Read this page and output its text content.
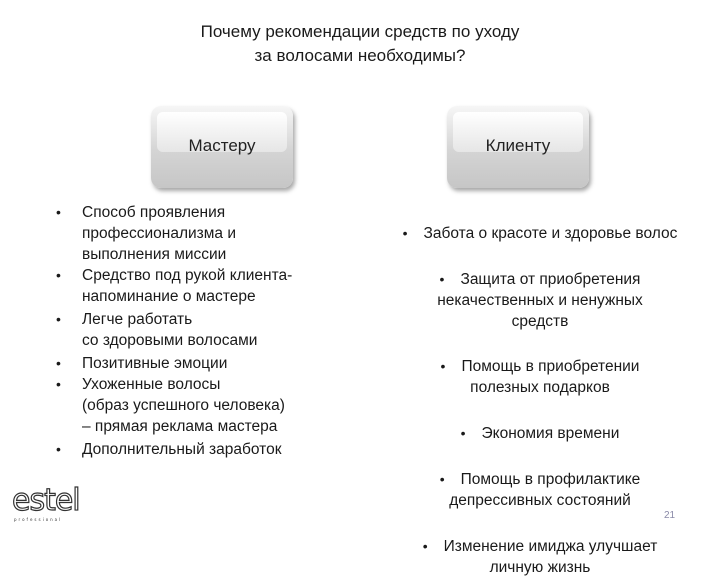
Почему рекомендации средств по уходу
за волосами необходимы?
Мастеру	Клиенту
• Способ проявления
профессионализма и
выполнения миссии
• Средство под рукой клиента-
напоминание о мастере
• Легче работать
со здоровыми волосами
• Позитивные эмоции
• Ухоженные волосы
(образ успешного человека)
– прямая реклама мастера
• Дополнительный заработок

• Забота о красоте и здоровье волос

• Защита от приобретения
некачественных и ненужных
средств

• Помощь в приобретении
полезных подарков

• Экономия времени

• Помощь в профилактике
депрессивных состояний

• Изменение имиджа улучшает
личную жизнь

estel
professional	21
